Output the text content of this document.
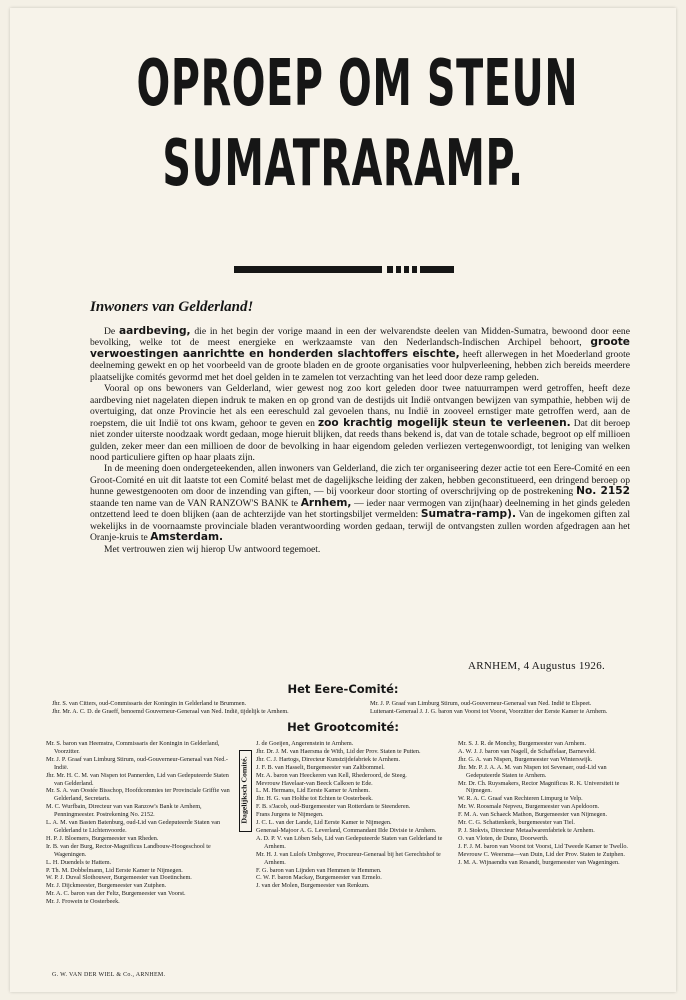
OPROEP OM STEUN
SUMATRARAMP.
Inwoners van Gelderland!

De aardbeving, die in het begin der vorige maand in een der welvarendste deelen van Midden-Sumatra, bewoond door eene bevolking, welke tot de meest energieke en werkzaamste van den Nederlandsch-Indischen Archipel behoort, groote verwoestingen aanrichtte en honderden slachtoffers eischte, heeft allerwegen in het Moederland groote deelneming gewekt en op het voorbeeld van de groote bladen en de groote organisaties voor hulpverleening, hebben zich bereids meerdere plaatselijke comités gevormd met het doel gelden in te zamelen tot verzachting van het leed door deze ramp geleden.

Vooral op ons bewoners van Gelderland, wier gewest nog zoo kort geleden door twee natuurrampen werd getroffen, heeft deze aardbeving niet nagelaten diepen indruk te maken en op grond van de destijds uit Indië ontvangen bewijzen van sympathie, hebben wij de overtuiging, dat onze Provincie het als een eereschuld zal gevoelen thans, nu Indië in zooveel ernstiger mate getroffen werd, aan de roepstem, die uit Indië tot ons kwam, gehoor te geven en zoo krachtig mogelijk steun te verleenen. Dat dit beroep niet zonder uiterste noodzaak wordt gedaan, moge hieruit blijken, dat reeds thans bekend is, dat van de totale schade, begroot op elf millioen gulden, zeker meer dan een millioen de door de bevolking in haar eigendom geleden verliezen vertegenwoordigt, tot leniging van welken nood particuliere giften op haar plaats zijn.

In de meening doen ondergeteekenden, allen inwoners van Gelderland, die zich ter organiseering dezer actie tot een Eere-Comité en een Groot-Comité en uit dit laatste tot een Comité belast met de dagelijksche leiding der zaken, hebben geconstitueerd, een dringend beroep op hunne gewestgenooten om door de inzending van giften, — bij voorkeur door storting of overschrijving op de postrekening No. 2152 staande ten name van de VAN RANZOW'S BANK te Arnhem, — ieder naar vermogen van zijn(haar) deelneming in het ginds geleden ontzettend leed te doen blijken (aan de achterzijde van het stortingsbiljet vermelden: Sumatra-ramp). Van de ingekomen giften zal wekelijks in de voornaamste provinciale bladen verantwoording worden gedaan, terwijl de ontvangsten zullen worden afgedragen aan het Oranje-kruis te Amsterdam.

Met vertrouwen zien wij hierop Uw antwoord tegemoet.

ARNHEM, 4 Augustus 1926.
Het Eere-Comité:

Jhr. S. van Citters, oud-Commissaris der Koningin in Gelderland te Brummen.

Jhr. Mr. A. C. D. de Graeff, benoemd Gouverneur-Generaal van Ned. Indië, tijdelijk te Arnhem.

Mr. J. P. Graaf van Limburg Stirum, oud-Gouverneur-Generaal van Ned. Indië te Elspeet.

Luitenant-Generaal J. J. G. baron van Voorst tot Voorst, Voorzitter der Eerste Kamer te Arnhem.

Het Grootcomité:

Mr. S. baron van Heemstra, Commissaris der Koningin in Gelderland, Voorzitter.

Mr. J. P. Graaf van Limburg Stirum, oud-Gouverneur-Generaal van Ned.-Indië.

Jhr. Mr. H. C. M. van Nispen tot Pannerden, Lid van Gedeputeerde Staten van Gelderland.

Mr. S. A. van Oostée Bisschop, Hoofdcommies ter Provinciale Griffie van Gelderland, Secretaris.

M. C. Wurfbain, Directeur van van Ranzow's Bank te Arnhem, Penningmeester. Postrekening No. 2152.

L. A. M. van Basten Batenburg, oud-Lid van Gedeputeerde Staten van Gelderland te Lichtenvoorde.

H. P. J. Bloemers, Burgemeester van Rheden.

Ir. B. van der Burg, Rector-Magnificus Landbouw-Hoogeschool te Wageningen.

L. H. Duendels te Hattem.

P. Th. M. Dobbelmann, Lid Eerste Kamer te Nijmegen.

W. P. J. Duval Slothouwer, Burgemeester van Doetinchem.

Mr. J. Dijckmeester, Burgemeester van Zutphen.

Mr. A. C. baron van der Feltz, Burgemeester van Voorst.

Mr. J. Frowein te Oosterbeek.

Dagelijksch Comité.

J. de Goeijen, Angerenstein te Arnhem.

Jhr. Dr. J. M. van Haersma de With, Lid der Prov. Staten te Putten.

Jhr. C. J. Hartogs, Directeur Kunstzijdefabriek te Arnhem.

J. F. B. van Hasselt, Burgemeester van Zaltbommel.

Mr. A. baron van Heeckeren van Kell, Rhederoord, de Steeg.

Mevrouw Havelaar-van Beeck Calkoen te Ede.

L. M. Hermans, Lid Eerste Kamer te Arnhem.

Jhr. H. G. van Holthe tot Echten te Oosterbeek.

F. B. s'Jacob, oud-Burgemeester van Rotterdam te Steenderen.

Frans Jurgens te Nijmegen.

J. C. L. van der Lande, Lid Eerste Kamer te Nijmegen.

Generaal-Majoor A. G. Leverland, Commandant IIde Divisie te Arnhem.

A. D. P. V. van Löben Sels, Lid van Gedeputeerde Staten van Gelderland te Arnhem.

Mr. H. J. van Lulofs Umbgrove, Procureur-Generaal bij het Gerechtshof te Arnhem.

F. G. baron van Lijnden van Hemmen te Hemmen.

C. W. F. baron Mackay, Burgemeester van Ermelo.

J. van der Molen, Burgemeester van Renkum.

Mr. S. J. R. de Monchy, Burgemeester van Arnhem.

A. W. J. J. baron van Nagell, de Schaffelaar, Barneveld.

Jhr. G. A. van Nispen, Burgemeester van Winterswijk.

Jhr. Mr. P. J. A. A. M. van Nispen tot Sevenaer, oud-Lid van Gedeputeerde Staten te Arnhem.

Mr. Dr. Ch. Ruysmakers, Rector Magnificus R. K. Universiteit te Nijmegen.

W. R. A. C. Graaf van Rechteren Limpurg te Velp.

Mr. W. Roosmale Nepveu, Burgemeester van Apeldoorn.

F. M. A. van Schaeck Mathon, Burgemeester van Nijmegen.

Mr. C. G. Schattenkerk, burgemeester van Tiel.

P. J. Stokvis, Directeur Metaalwarenfabriek te Arnhem.

O. van Vloten, de Duno, Doorwerth.

J. F. J. M. baron van Voorst tot Voorst, Lid Tweede Kamer te Twello.

Mevrouw C. Weersma—van Duin, Lid der Prov. Staten te Zutphen.

J. M. A. Wijnaendts van Resandt, burgemeester van Wageningen.

G. W. VAN DER WIEL & Co., ARNHEM.
